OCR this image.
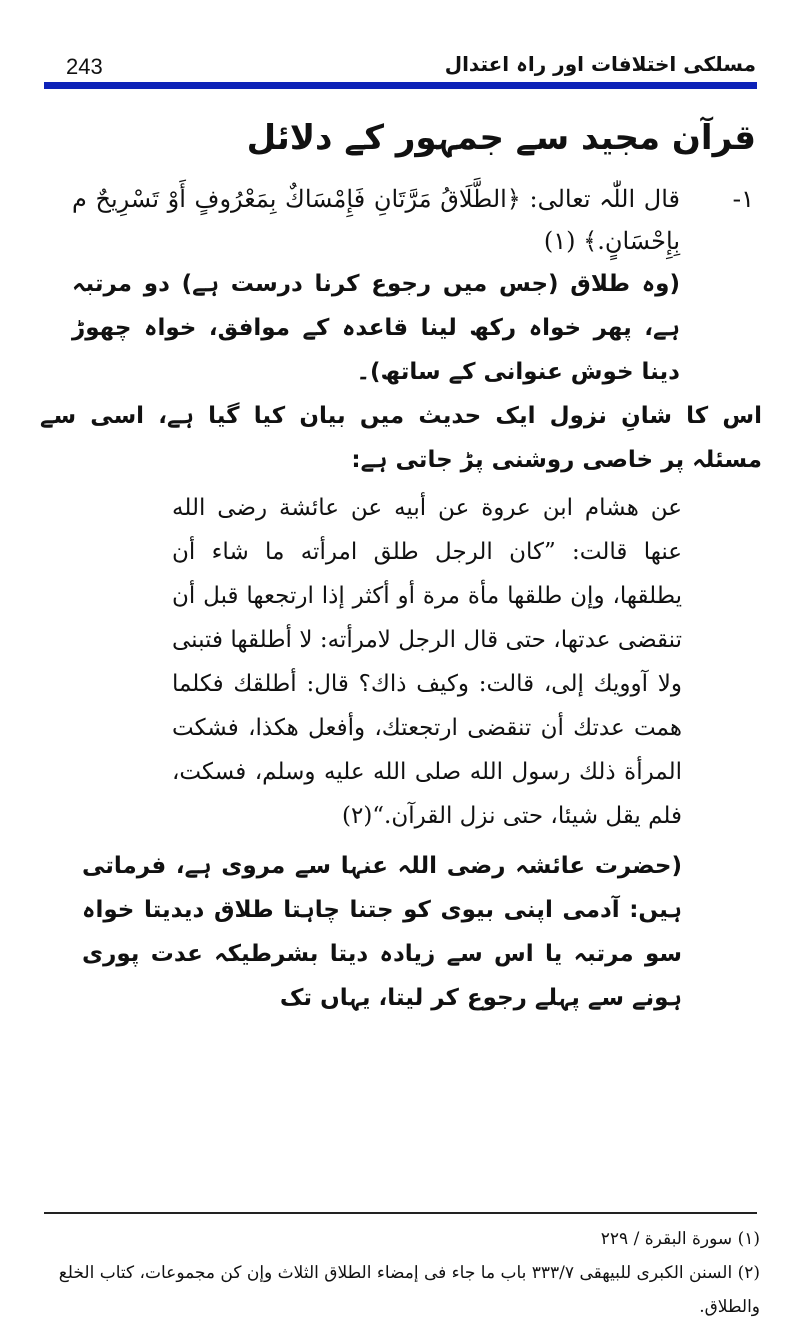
243	مسلکی اختلافات اور راہ اعتدال
قرآن مجید سے جمہور کے دلائل
۱-

قال اللّٰہ تعالی: ﴿الطَّلَاقُ مَرَّتَانِ فَإِمْسَاكٌ بِمَعْرُوفٍ أَوْ تَسْرِيحٌ م بِإِحْسَانٍ.﴾ (١)

(وہ طلاق (جس میں رجوع کرنا درست ہے) دو مرتبہ ہے، پھر خواہ رکھ لینا قاعدہ کے موافق، خواہ چھوڑ دینا خوش عنوانی کے ساتھ)۔

اس کا شانِ نزول ایک حدیث میں بیان کیا گیا ہے، اسی سے مسئلہ پر خاصی روشنی پڑ جاتی ہے:

عن هشام ابن عروة عن أبيه عن عائشة رضى الله عنها قالت: ”كان الرجل طلق امرأته ما شاء أن يطلقها، وإن طلقها مأة مرة أو أكثر إذا ارتجعها قبل أن تنقضى عدتها، حتى قال الرجل لامرأته: لا أطلقها فتبنى ولا آوويك إلى، قالت: وكيف ذاك؟ قال: أطلقك فكلما همت عدتك أن تنقضى ارتجعتك، وأفعل هكذا، فشكت المرأة ذلك رسول الله صلى الله عليه وسلم، فسكت، فلم يقل شيئا، حتى نزل القرآن.“(٢)

(حضرت عائشہ رضی اللہ عنہا سے مروی ہے، فرماتی ہیں: آدمی اپنی بیوی کو جتنا چاہتا طلاق دیدیتا خواہ سو مرتبہ یا اس سے زیادہ دیتا بشرطیکہ عدت پوری ہونے سے پہلے رجوع کر لیتا، یہاں تک

(١) سورة البقرة / ٢٢٩

(٢) السنن الكبرى للبيهقى ٣٣٣/٧ باب ما جاء فى إمضاء الطلاق الثلاث وإن كن مجموعات، كتاب الخلع والطلاق.
